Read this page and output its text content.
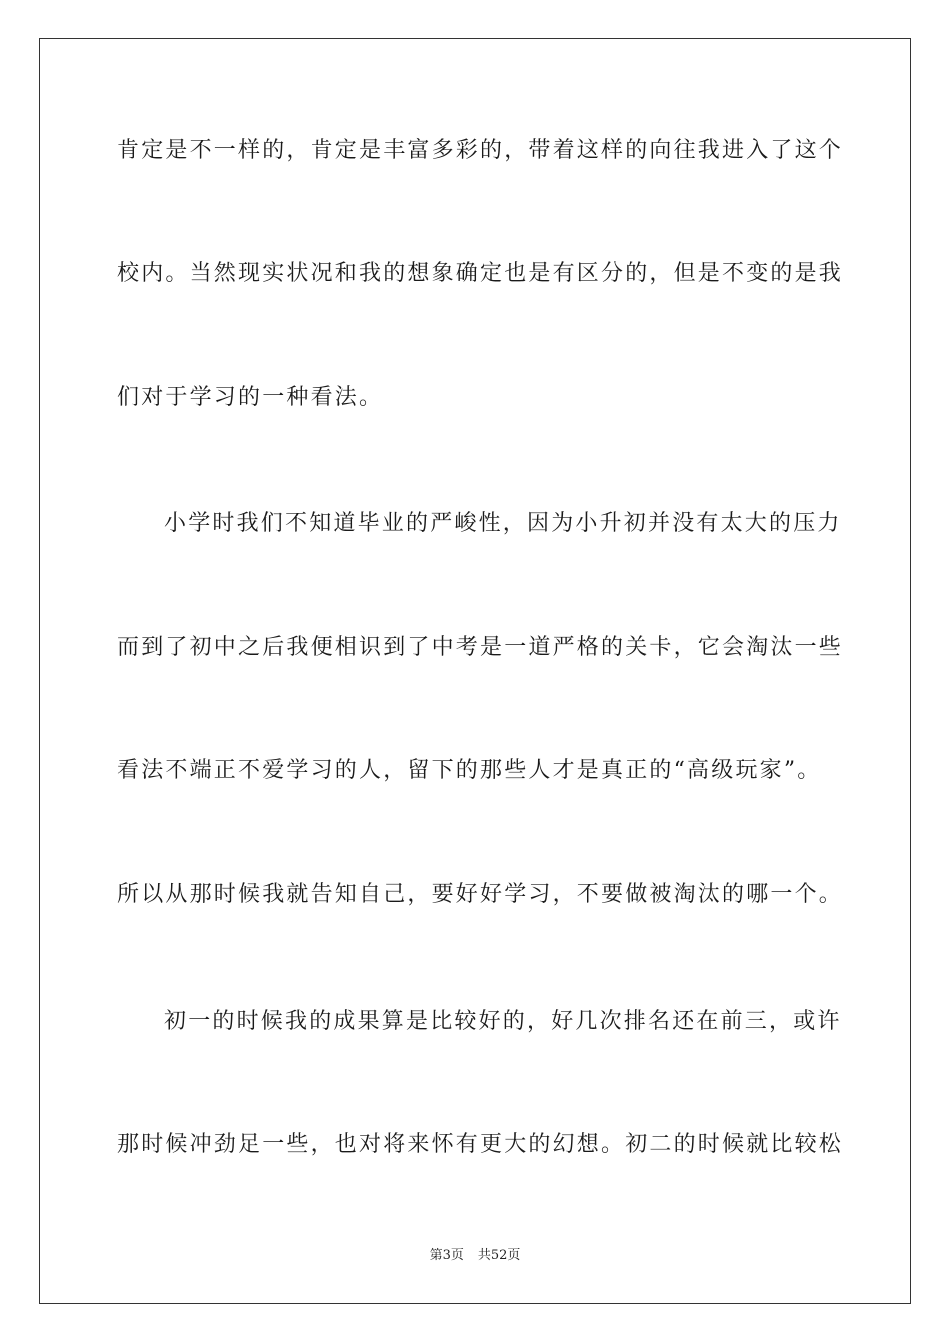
肯定是不一样的，肯定是丰富多彩的，带着这样的向往我进入了这个
校内。当然现实状况和我的想象确定也是有区分的，但是不变的是我
们对于学习的一种看法。
小学时我们不知道毕业的严峻性，因为小升初并没有太大的压力
而到了初中之后我便相识到了中考是一道严格的关卡，它会淘汰一些
看法不端正不爱学习的人，留下的那些人才是真正的“高级玩家”。
所以从那时候我就告知自己，要好好学习，不要做被淘汰的哪一个。
初一的时候我的成果算是比较好的，好几次排名还在前三，或许
那时候冲劲足一些，也对将来怀有更大的幻想。初二的时候就比较松
第3页 共52页
